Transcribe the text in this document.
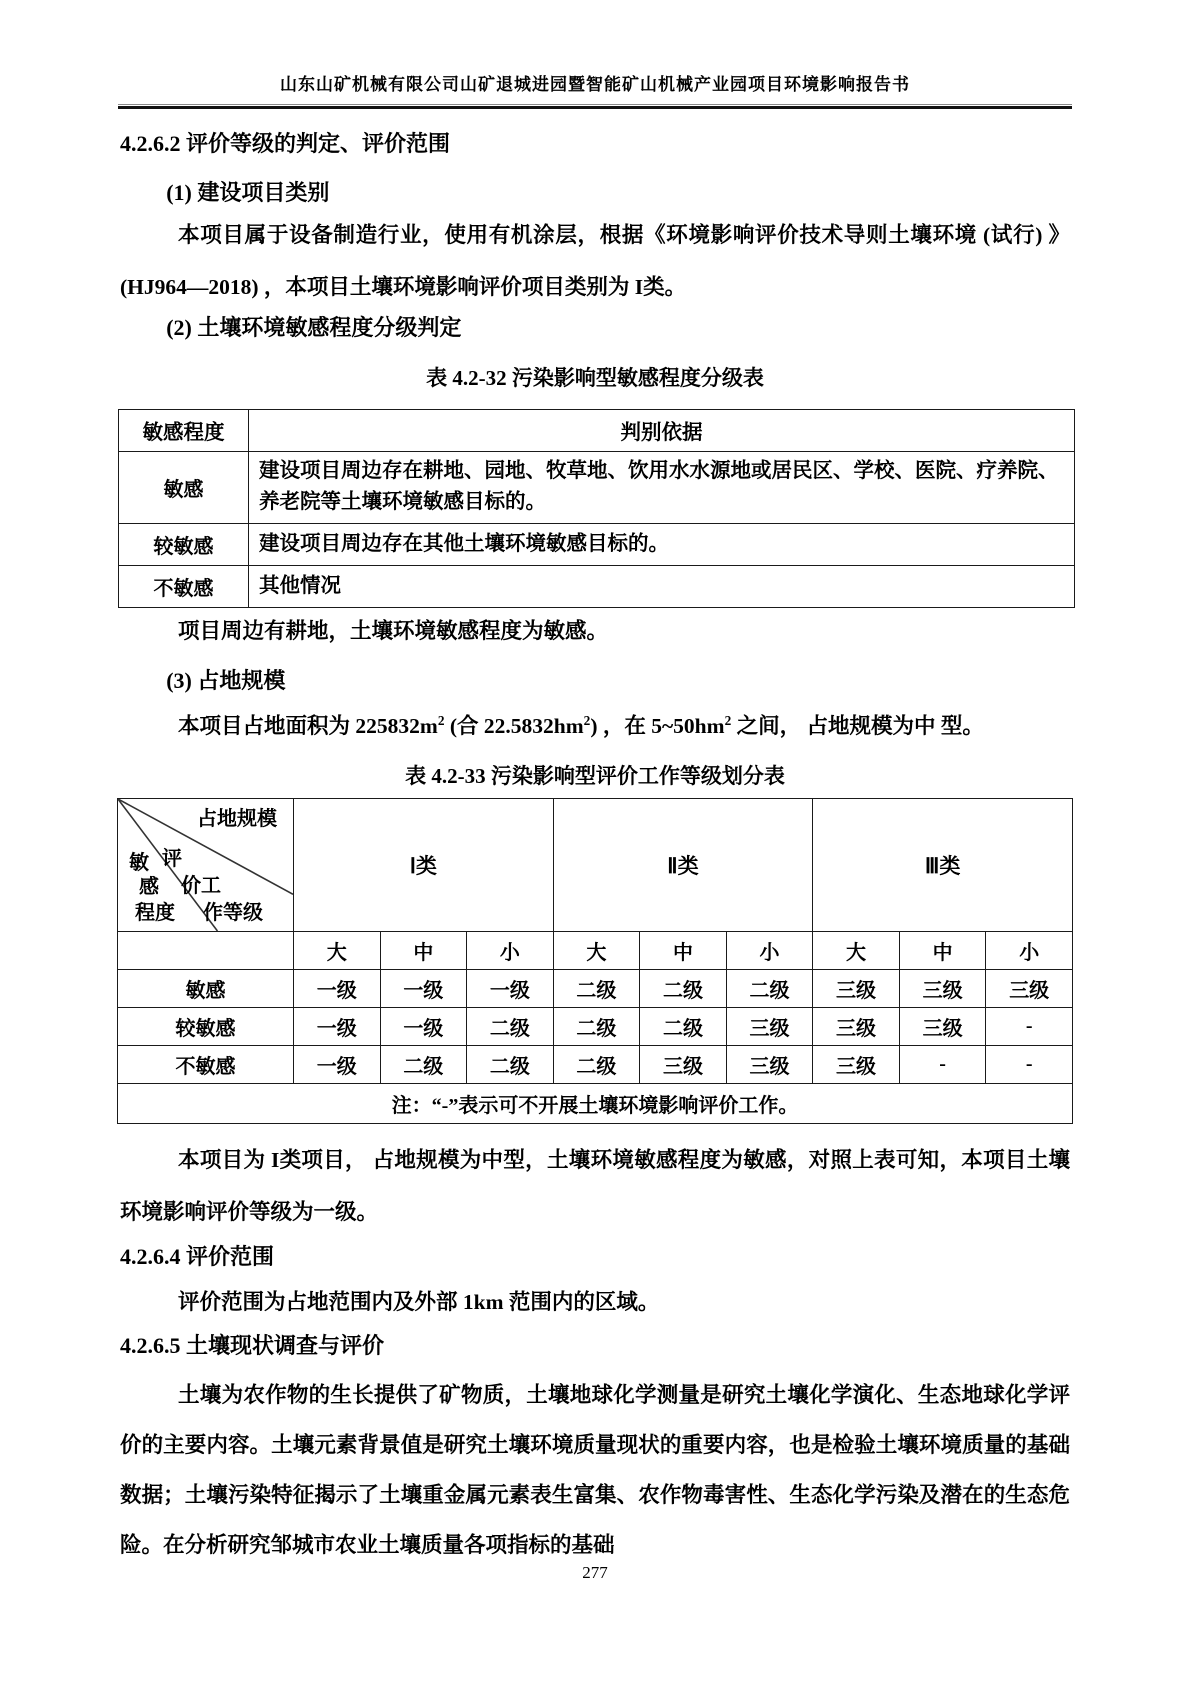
山东山矿机械有限公司山矿退城进园暨智能矿山机械产业园项目环境影响报告书
4.2.6.2 评价等级的判定、评价范围
(1) 建设项目类别

本项目属于设备制造行业，使用有机涂层，根据《环境影响评价技术导则土壤环境 (试行) 》 (HJ964—2018) ，本项目土壤环境影响评价项目类别为 I类。

(2) 土壤环境敏感程度分级判定
表 4.2-32 污染影响型敏感程度分级表
敏感程度	判别依据
敏感	建设项目周边存在耕地、园地、牧草地、饮用水水源地或居民区、学校、医院、疗养院、养老院等土壤环境敏感目标的。
较敏感	建设项目周边存在其他土壤环境敏感目标的。
不敏感	其他情况

项目周边有耕地，土壤环境敏感程度为敏感。

(3) 占地规模

本项目占地面积为 $225832m^2$ (合 $22.5832hm^2$) ，在 $5\sim 50hm^2$ 之间， 占地规模为中 型。

表 4.2-33 污染影响型评价工作等级划分表
占地规模
评
价工
作等级
敏
感
程度
	Ⅰ类	Ⅱ类	Ⅲ类
	大	中	小	大	中	小	大	中	小
敏感	一级	一级	一级	二级	二级	二级	三级	三级	三级
较敏感	一级	一级	二级	二级	二级	三级	三级	三级	-
不敏感	一级	二级	二级	二级	三级	三级	三级	-	-
注：“-”表示可不开展土壤环境影响评价工作。									

本项目为 I类项目， 占地规模为中型，土壤环境敏感程度为敏感，对照上表可知，本项目土壤环境影响评价等级为一级。

4.2.6.4 评价范围

评价范围为占地范围内及外部 1km 范围内的区域。

4.2.6.5 土壤现状调查与评价

土壤为农作物的生长提供了矿物质，土壤地球化学测量是研究土壤化学演化、生态地球化学评价的主要内容。土壤元素背景值是研究土壤环境质量现状的重要内容，也是检验土壤环境质量的基础数据；土壤污染特征揭示了土壤重金属元素表生富集、农作物毒害性、生态化学污染及潜在的生态危险。在分析研究邹城市农业土壤质量各项指标的基础

277
